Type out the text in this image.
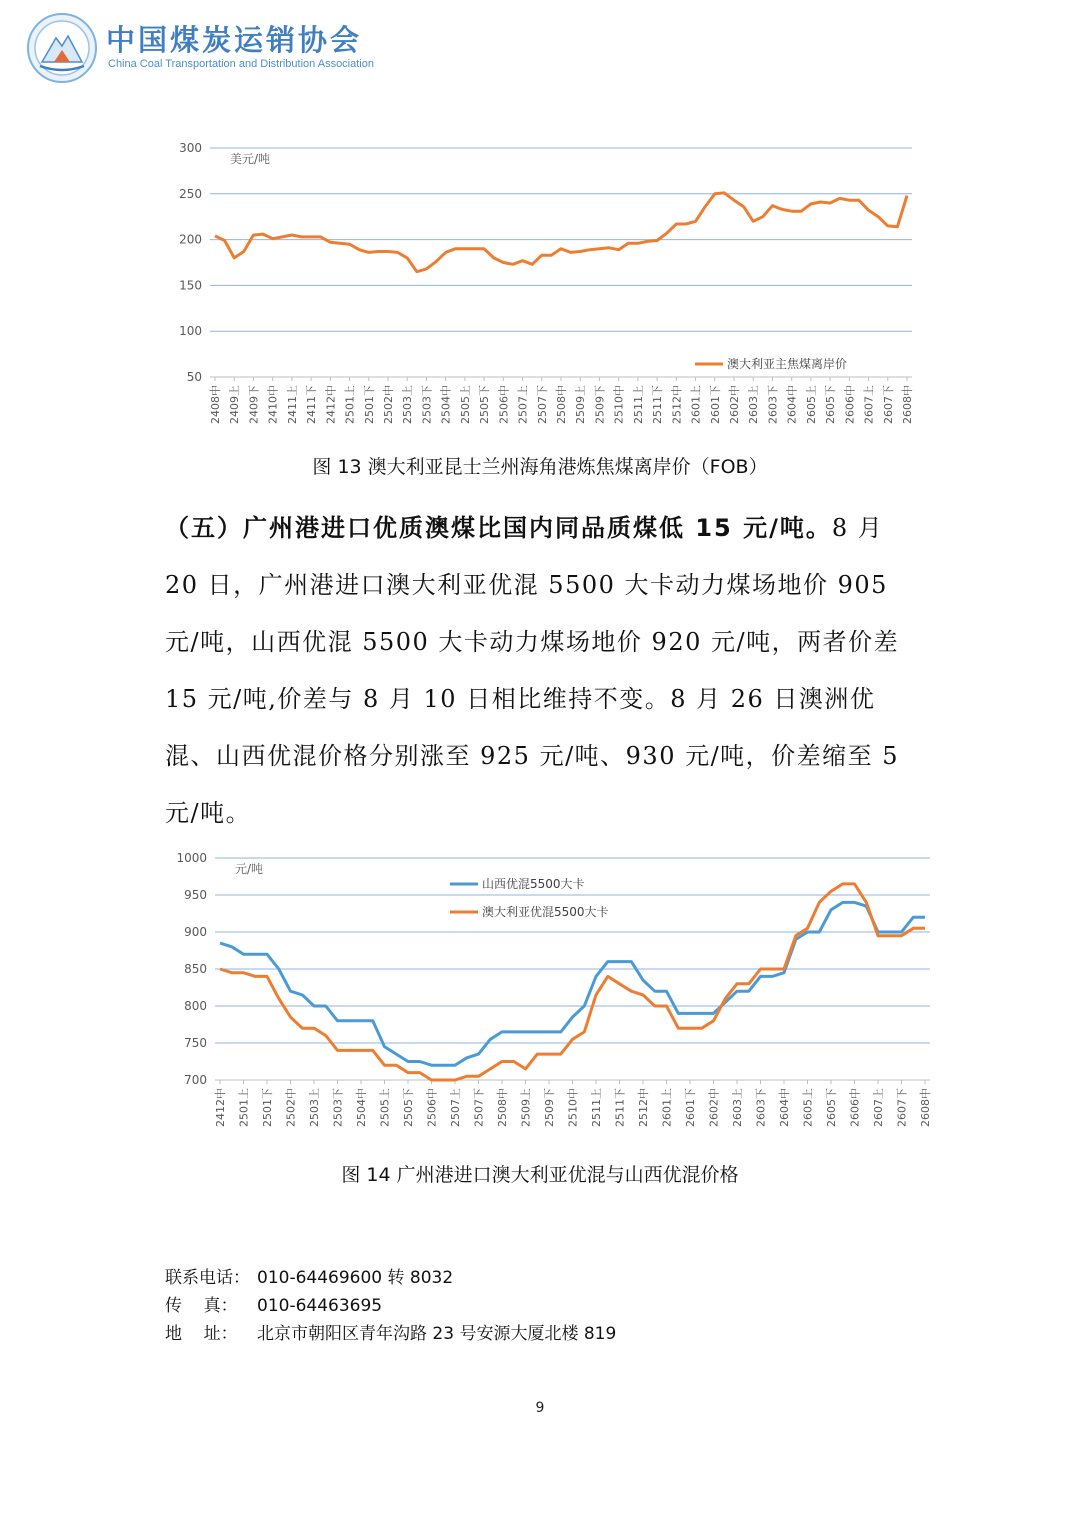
中国煤炭运销协会
China Coal Transportation and Distribution Association
50
100
150
200
250
300
美元/吨
2408中 2409上 2409下 2410中 2411上 2411下 2412中 2501上 2501下 2502中 2503上 2503下 2504中 2505上 2505下 2506中 2507上 2507下 2508中 2509上 2509下 2510中 2511上 2511下 2512中 2601上 2601下 2602中 2603上 2603下 2604中 2605上 2605下 2606中 2607上 2607下 2608中
澳大利亚主焦煤离岸价
图 13 澳大利亚昆士兰州海角港炼焦煤离岸价（FOB）
（五）广州港进口优质澳煤比国内同品质煤低 15 元/吨。8 月 20 日，广州港进口澳大利亚优混 5500 大卡动力煤场地价 905 元/吨，山西优混 5500 大卡动力煤场地价 920 元/吨，两者价差 15 元/吨,价差与 8 月 10 日相比维持不变。8 月 26 日澳洲优混、山西优混价格分别涨至 925 元/吨、930 元/吨，价差缩至 5 元/吨。
700
750
800
850
900
950
1000
元/吨
2412中 2501上 2501下 2502中 2503上 2503下 2504中 2505上 2505下 2506中 2507上 2507下 2508中 2509上 2509下 2510中 2511上 2511下 2512中 2601上 2601下 2602中 2603上 2603下 2604中 2605上 2605下 2606中 2607上 2607下 2608中
山西优混5500大卡
澳大利亚优混5500大卡
图 14 广州港进口澳大利亚优混与山西优混价格
联系电话： 010-64469600 转 8032
传    真： 010-64463695
地    址： 北京市朝阳区青年沟路 23 号安源大厦北楼 819
9
